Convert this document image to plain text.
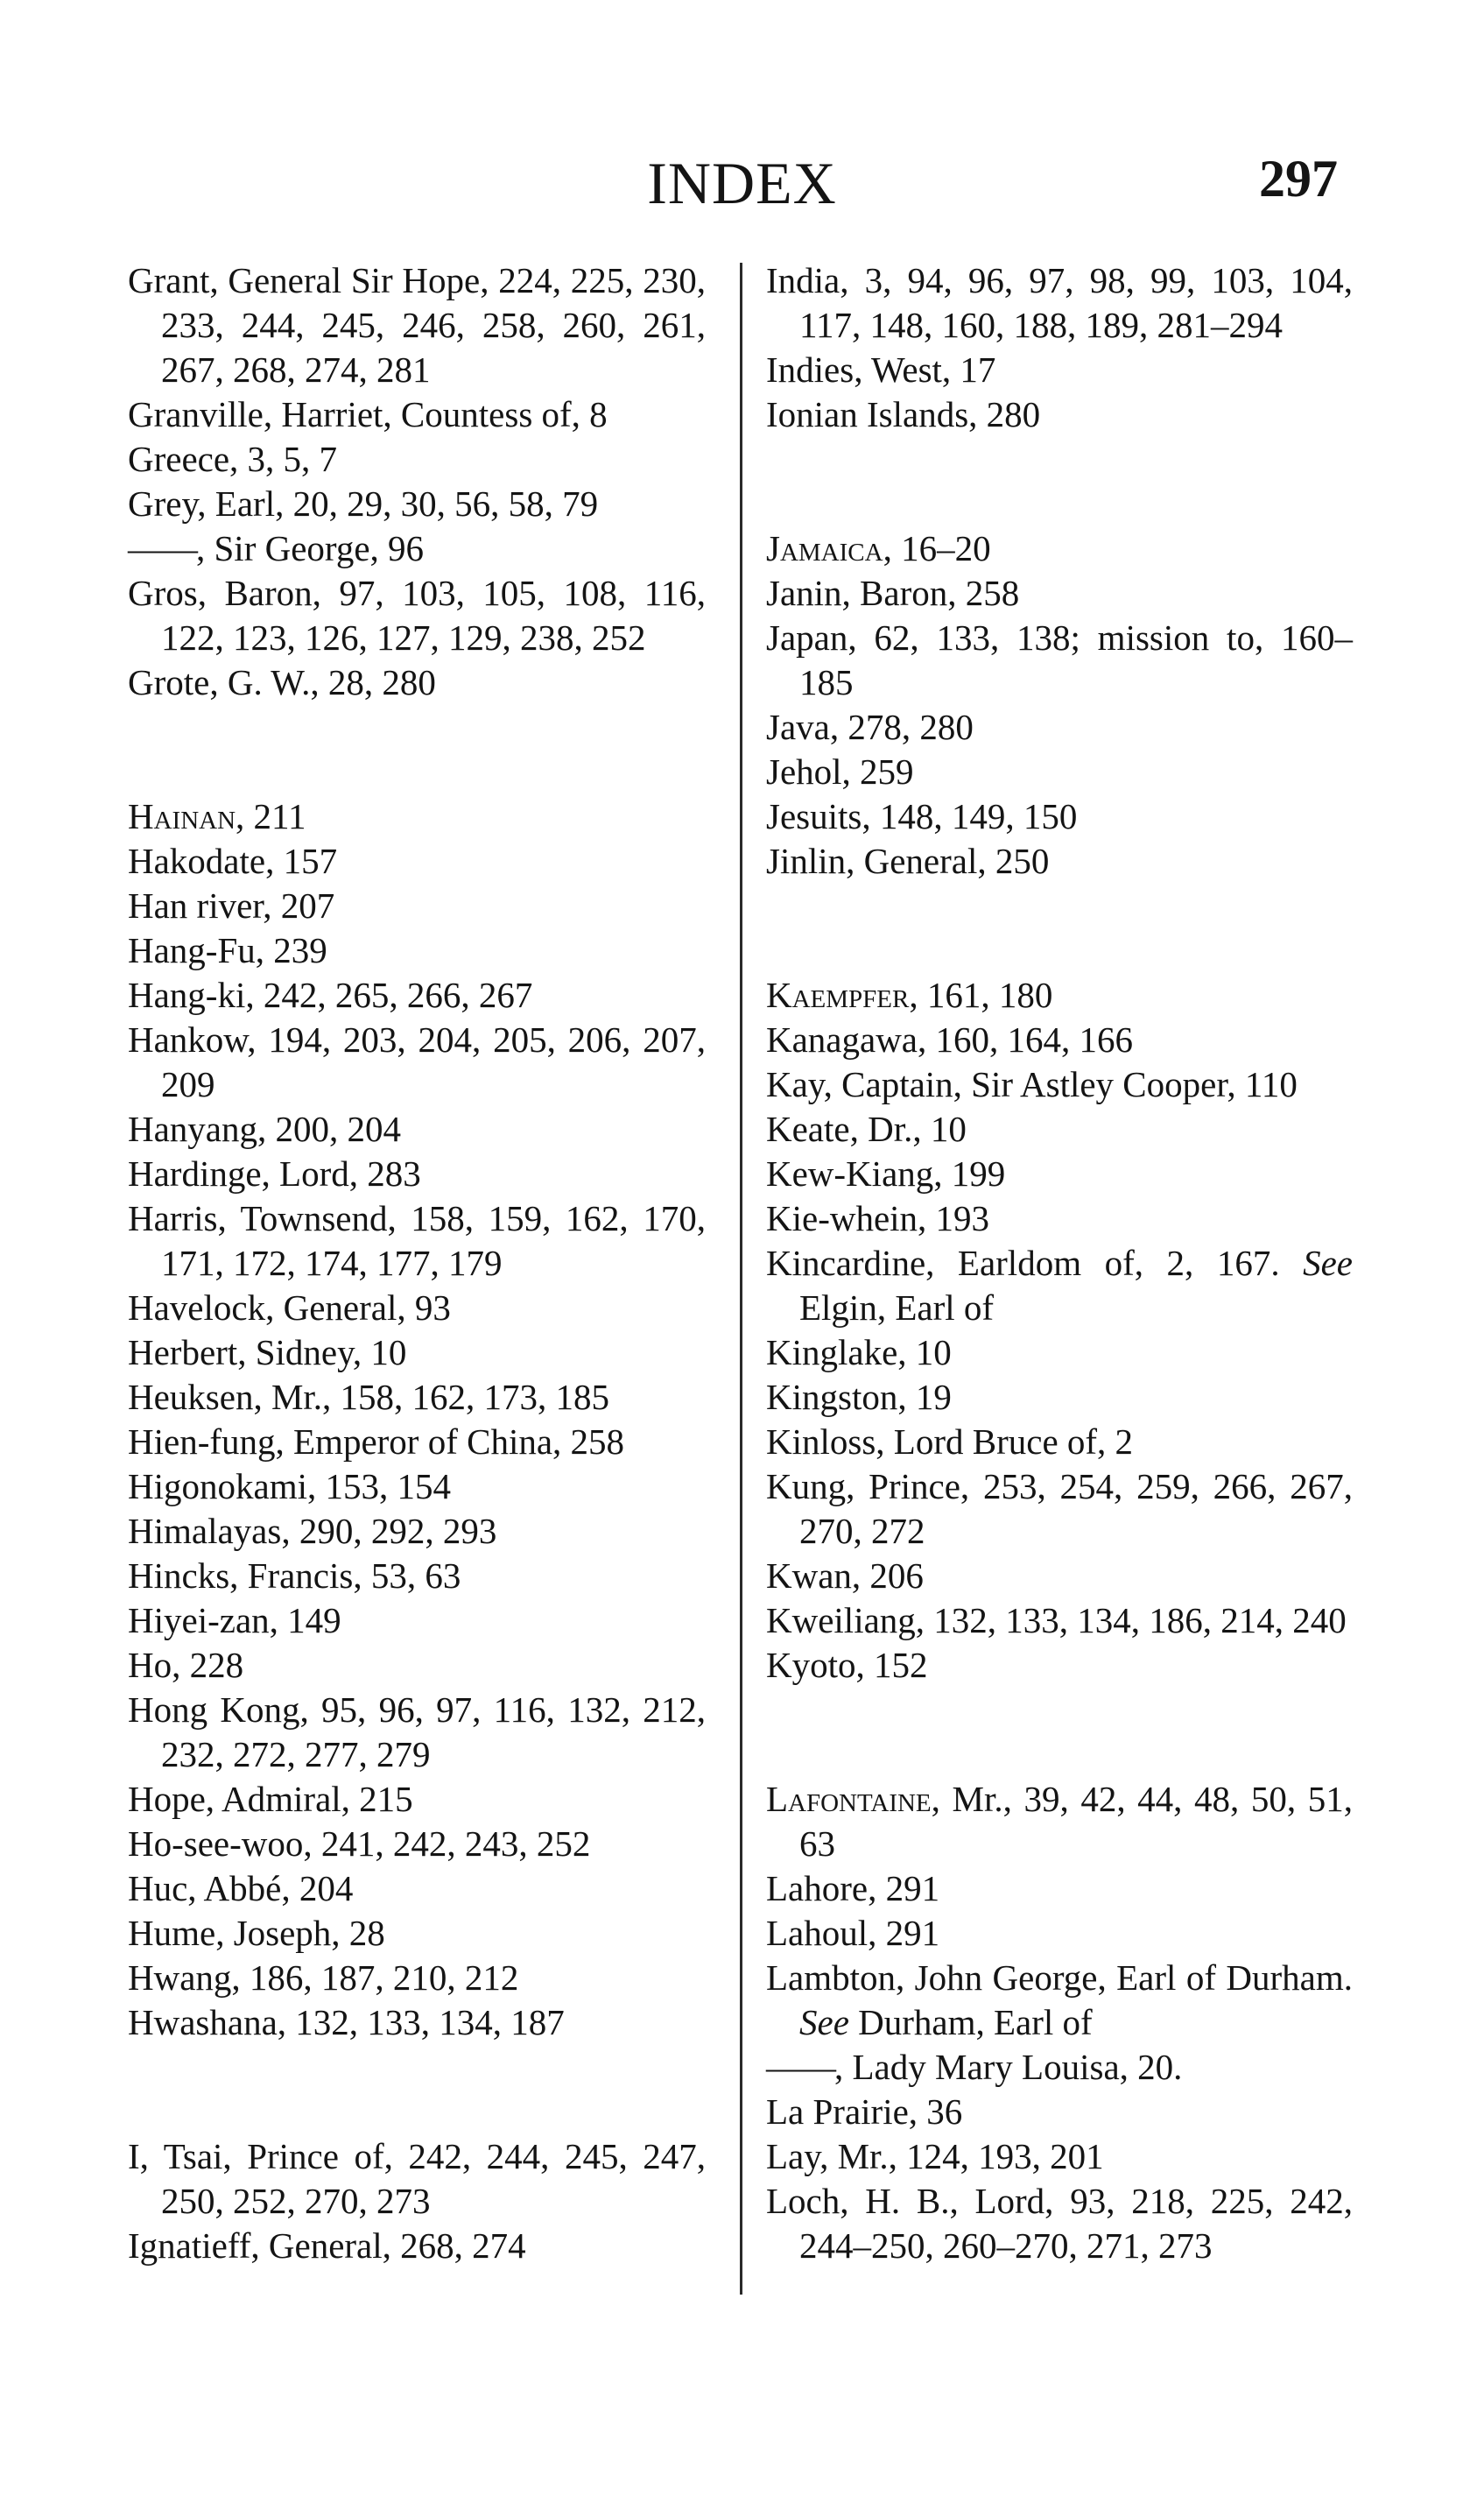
INDEX	297
Grant, General Sir Hope, 224, 225, 230, 233, 244, 245, 246, 258, 260, 261, 267, 268, 274, 281
Granville, Harriet, Countess of, 8
Greece, 3, 5, 7
Grey, Earl, 20, 29, 30, 56, 58, 79
——, Sir George, 96
Gros, Baron, 97, 103, 105, 108, 116, 122, 123, 126, 127, 129, 238, 252
Grote, G. W., 28, 280
Hainan, 211
Hakodate, 157
Han river, 207
Hang-Fu, 239
Hang-ki, 242, 265, 266, 267
Hankow, 194, 203, 204, 205, 206, 207, 209
Hanyang, 200, 204
Hardinge, Lord, 283
Harris, Townsend, 158, 159, 162, 170, 171, 172, 174, 177, 179
Havelock, General, 93
Herbert, Sidney, 10
Heuksen, Mr., 158, 162, 173, 185
Hien-fung, Emperor of China, 258
Higonokami, 153, 154
Himalayas, 290, 292, 293
Hincks, Francis, 53, 63
Hiyei-zan, 149
Ho, 228
Hong Kong, 95, 96, 97, 116, 132, 212, 232, 272, 277, 279
Hope, Admiral, 215
Ho-see-woo, 241, 242, 243, 252
Huc, Abbé, 204
Hume, Joseph, 28
Hwang, 186, 187, 210, 212
Hwashana, 132, 133, 134, 187
I, Tsai, Prince of, 242, 244, 245, 247, 250, 252, 270, 273
Ignatieff, General, 268, 274
India, 3, 94, 96, 97, 98, 99, 103, 104, 117, 148, 160, 188, 189, 281–294
Indies, West, 17
Ionian Islands, 280
Jamaica, 16–20
Janin, Baron, 258
Japan, 62, 133, 138; mission to, 160–185
Java, 278, 280
Jehol, 259
Jesuits, 148, 149, 150
Jinlin, General, 250
Kaempfer, 161, 180
Kanagawa, 160, 164, 166
Kay, Captain, Sir Astley Cooper, 110
Keate, Dr., 10
Kew-Kiang, 199
Kie-whein, 193
Kincardine, Earldom of, 2, 167. See Elgin, Earl of
Kinglake, 10
Kingston, 19
Kinloss, Lord Bruce of, 2
Kung, Prince, 253, 254, 259, 266, 267, 270, 272
Kwan, 206
Kweiliang, 132, 133, 134, 186, 214, 240
Kyoto, 152
Lafontaine, Mr., 39, 42, 44, 48, 50, 51, 63
Lahore, 291
Lahoul, 291
Lambton, John George, Earl of Durham. See Durham, Earl of
——, Lady Mary Louisa, 20.
La Prairie, 36
Lay, Mr., 124, 193, 201
Loch, H. B., Lord, 93, 218, 225, 242, 244–250, 260–270, 271, 273
